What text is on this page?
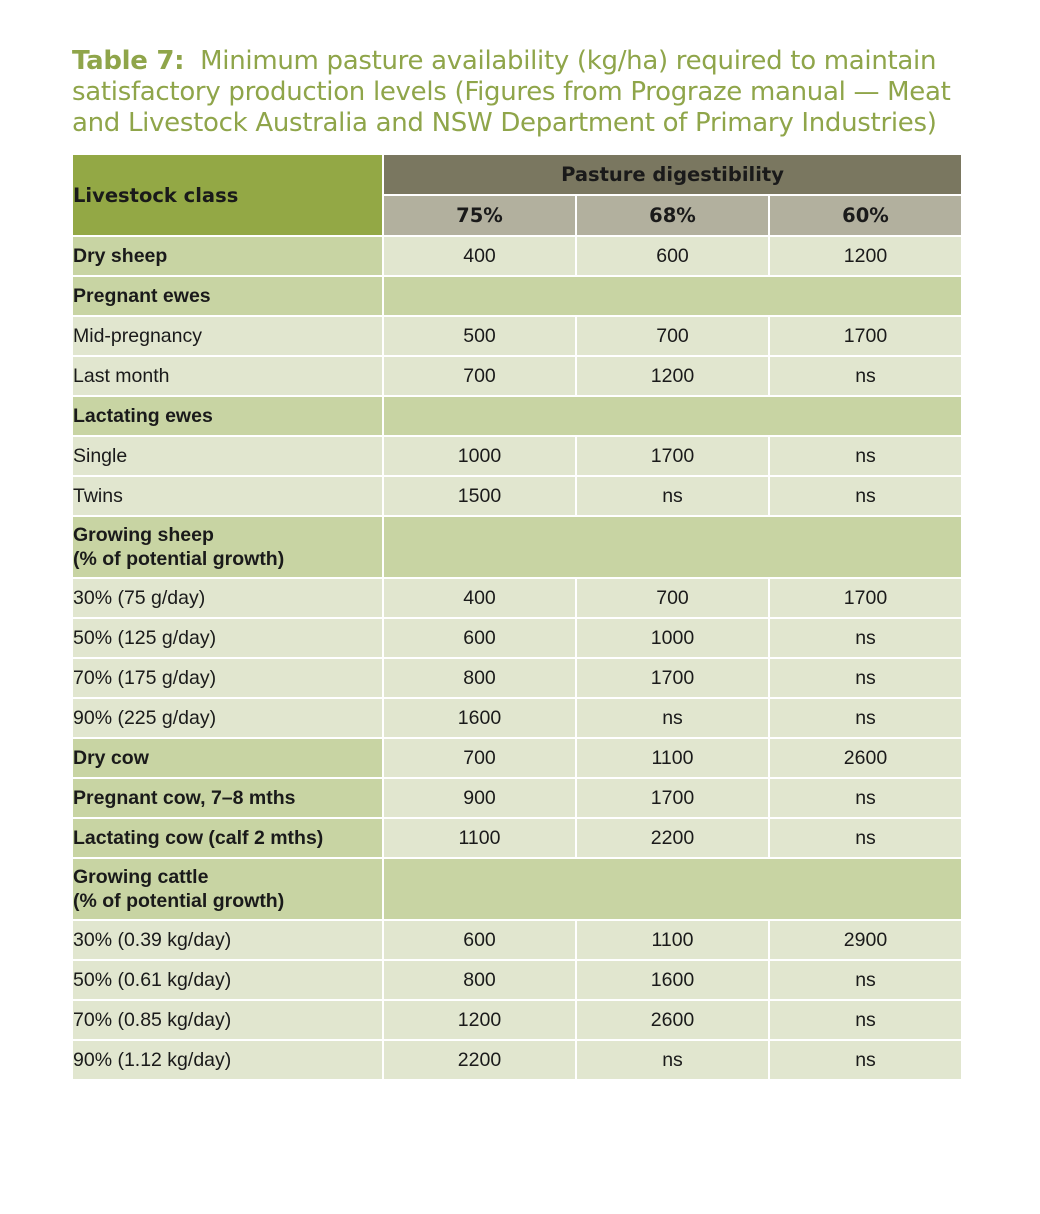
Table 7: Minimum pasture availability (kg/ha) required to maintain satisfactory production levels (Figures from Prograze manual — Meat and Livestock Australia and NSW Department of Primary Industries)
Livestock class	Pasture digestibility		
	75%	68%	60%
Dry sheep	400	600	1200
Pregnant ewes			
Mid-pregnancy	500	700	1700
Last month	700	1200	ns
Lactating ewes			
Single	1000	1700	ns
Twins	1500	ns	ns
Growing sheep
(% of potential growth)			
30% (75 g/day)	400	700	1700
50% (125 g/day)	600	1000	ns
70% (175 g/day)	800	1700	ns
90% (225 g/day)	1600	ns	ns
Dry cow	700	1100	2600
Pregnant cow, 7–8 mths	900	1700	ns
Lactating cow (calf 2 mths)	1100	2200	ns
Growing cattle
(% of potential growth)			
30% (0.39 kg/day)	600	1100	2900
50% (0.61 kg/day)	800	1600	ns
70% (0.85 kg/day)	1200	2600	ns
90% (1.12 kg/day)	2200	ns	ns
